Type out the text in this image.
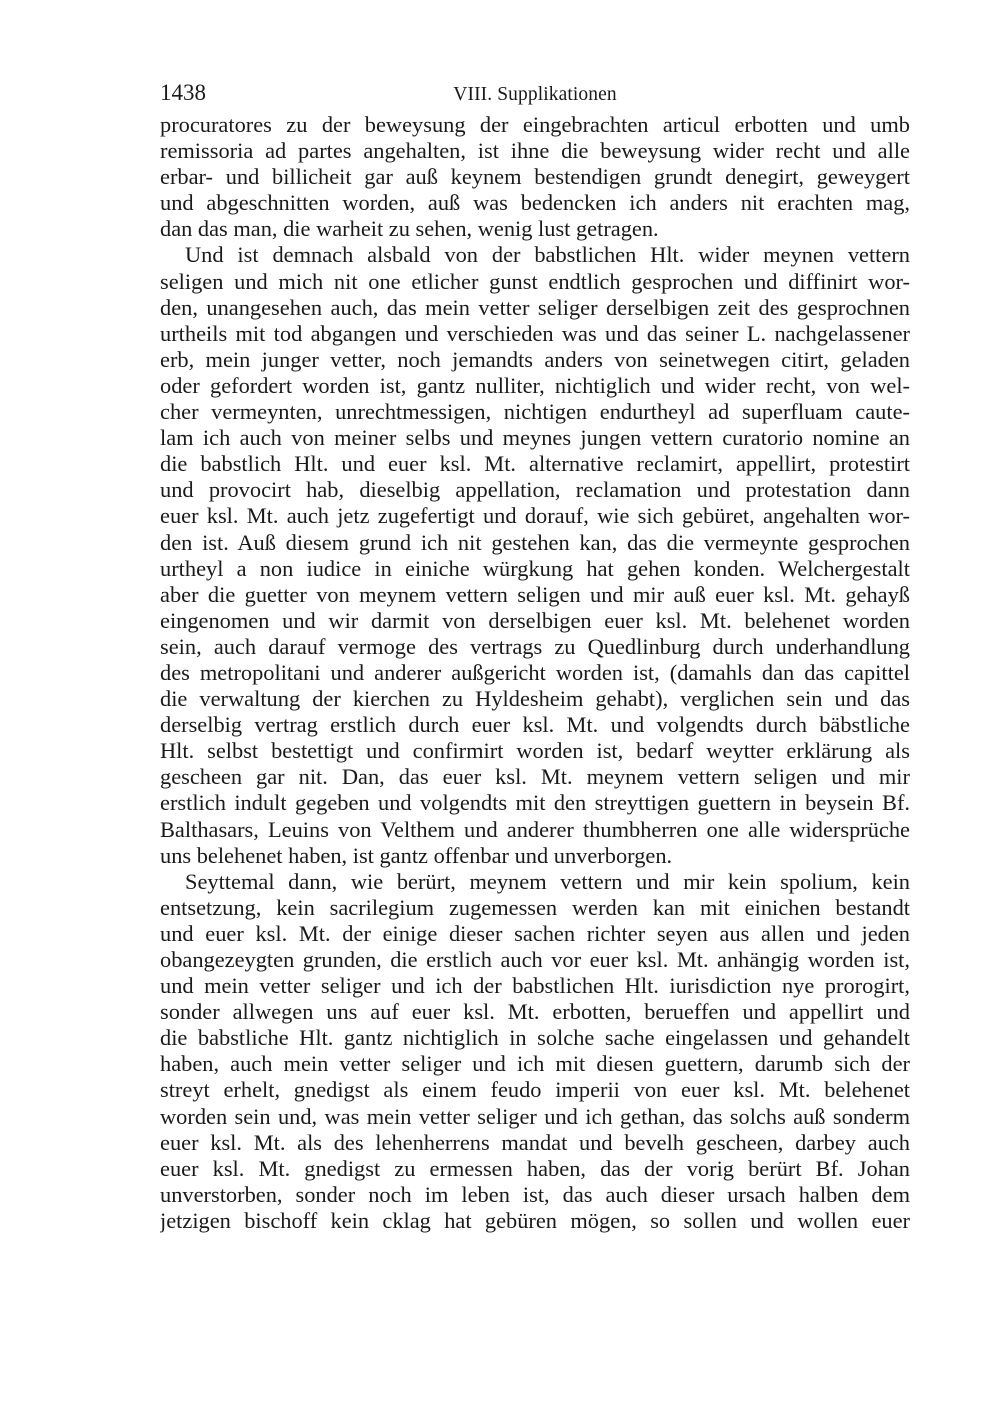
1438	VIII. Supplikationen
procuratores zu der beweysung der eingebrachten articul erbotten und umb
remissoria ad partes angehalten, ist ihne die beweysung wider recht und alle
erbar- und billicheit gar auß keynem bestendigen grundt denegirt, geweygert
und abgeschnitten worden, auß was bedencken ich anders nit erachten mag,
dan das man, die warheit zu sehen, wenig lust getragen.
Und ist demnach alsbald von der babstlichen Hlt. wider meynen vettern
seligen und mich nit one etlicher gunst endtlich gesprochen und diffinirt wor-
den, unangesehen auch, das mein vetter seliger derselbigen zeit des gesprochnen
urtheils mit tod abgangen und verschieden was und das seiner L. nachgelassener
erb, mein junger vetter, noch jemandts anders von seinetwegen citirt, geladen
oder gefordert worden ist, gantz nulliter, nichtiglich und wider recht, von wel-
cher vermeynten, unrechtmessigen, nichtigen endurtheyl ad superfluam caute-
lam ich auch von meiner selbs und meynes jungen vettern curatorio nomine an
die babstlich Hlt. und euer ksl. Mt. alternative reclamirt, appellirt, protestirt
und provocirt hab, dieselbig appellation, reclamation und protestation dann
euer ksl. Mt. auch jetz zugefertigt und dorauf, wie sich gebüret, angehalten wor-
den ist. Auß diesem grund ich nit gestehen kan, das die vermeynte gesprochen
urtheyl a non iudice in einiche würgkung hat gehen konden. Welchergestalt
aber die guetter von meynem vettern seligen und mir auß euer ksl. Mt. gehayß
eingenomen und wir darmit von derselbigen euer ksl. Mt. belehenet worden
sein, auch darauf vermoge des vertrags zu Quedlinburg durch underhandlung
des metropolitani und anderer außgericht worden ist, (damahls dan das capittel
die verwaltung der kierchen zu Hyldesheim gehabt), verglichen sein und das
derselbig vertrag erstlich durch euer ksl. Mt. und volgendts durch bäbstliche
Hlt. selbst bestettigt und confirmirt worden ist, bedarf weytter erklärung als
gescheen gar nit. Dan, das euer ksl. Mt. meynem vettern seligen und mir
erstlich indult gegeben und volgendts mit den streyttigen guettern in beysein Bf.
Balthasars, Leuins von Velthem und anderer thumbherren one alle widersprüche
uns belehenet haben, ist gantz offenbar und unverborgen.
Seyttemal dann, wie berürt, meynem vettern und mir kein spolium, kein
entsetzung, kein sacrilegium zugemessen werden kan mit einichen bestandt
und euer ksl. Mt. der einige dieser sachen richter seyen aus allen und jeden
obangezeygten grunden, die erstlich auch vor euer ksl. Mt. anhängig worden ist,
und mein vetter seliger und ich der babstlichen Hlt. iurisdiction nye prorogirt,
sonder allwegen uns auf euer ksl. Mt. erbotten, berueffen und appellirt und
die babstliche Hlt. gantz nichtiglich in solche sache eingelassen und gehandelt
haben, auch mein vetter seliger und ich mit diesen guettern, darumb sich der
streyt erhelt, gnedigst als einem feudo imperii von euer ksl. Mt. belehenet
worden sein und, was mein vetter seliger und ich gethan, das solchs auß sonderm
euer ksl. Mt. als des lehenherrens mandat und bevelh gescheen, darbey auch
euer ksl. Mt. gnedigst zu ermessen haben, das der vorig berürt Bf. Johan
unverstorben, sonder noch im leben ist, das auch dieser ursach halben dem
jetzigen bischoff kein cklag hat gebüren mögen, so sollen und wollen euer
